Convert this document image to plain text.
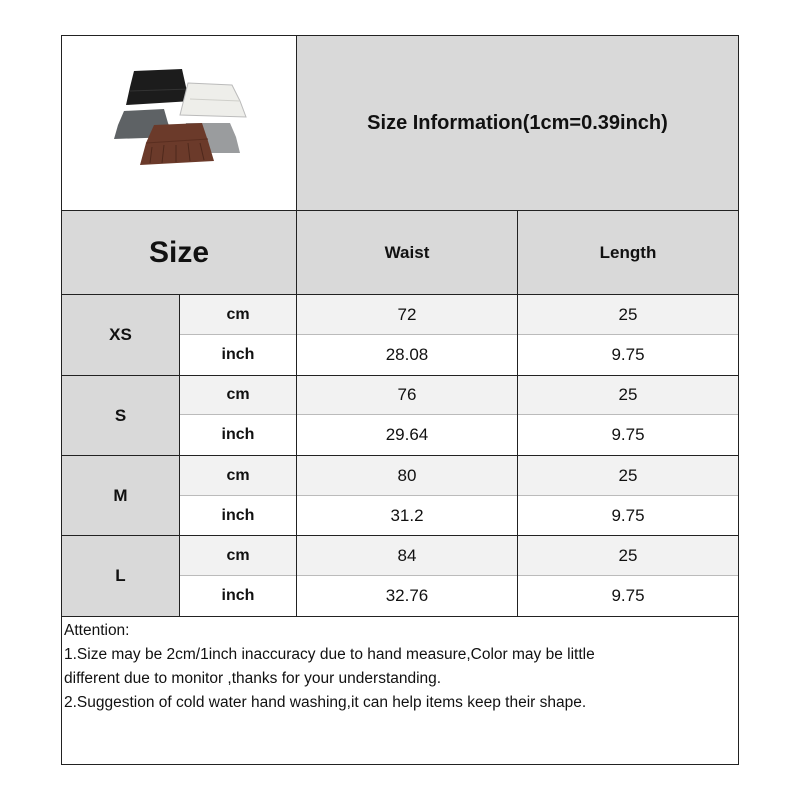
Size Information(1cm=0.39inch)
Size	Waist	Length
XS
cm	72	25
inch	28.08	9.75
S
cm	76	25
inch	29.64	9.75
M
cm	80	25
inch	31.2	9.75
L
cm	84	25
inch	32.76	9.75
Attention:
1.Size may be 2cm/1inch inaccuracy due to hand measure,Color may be little
different due to monitor ,thanks for your understanding.
2.Suggestion of cold water hand washing,it can help items keep their shape.
